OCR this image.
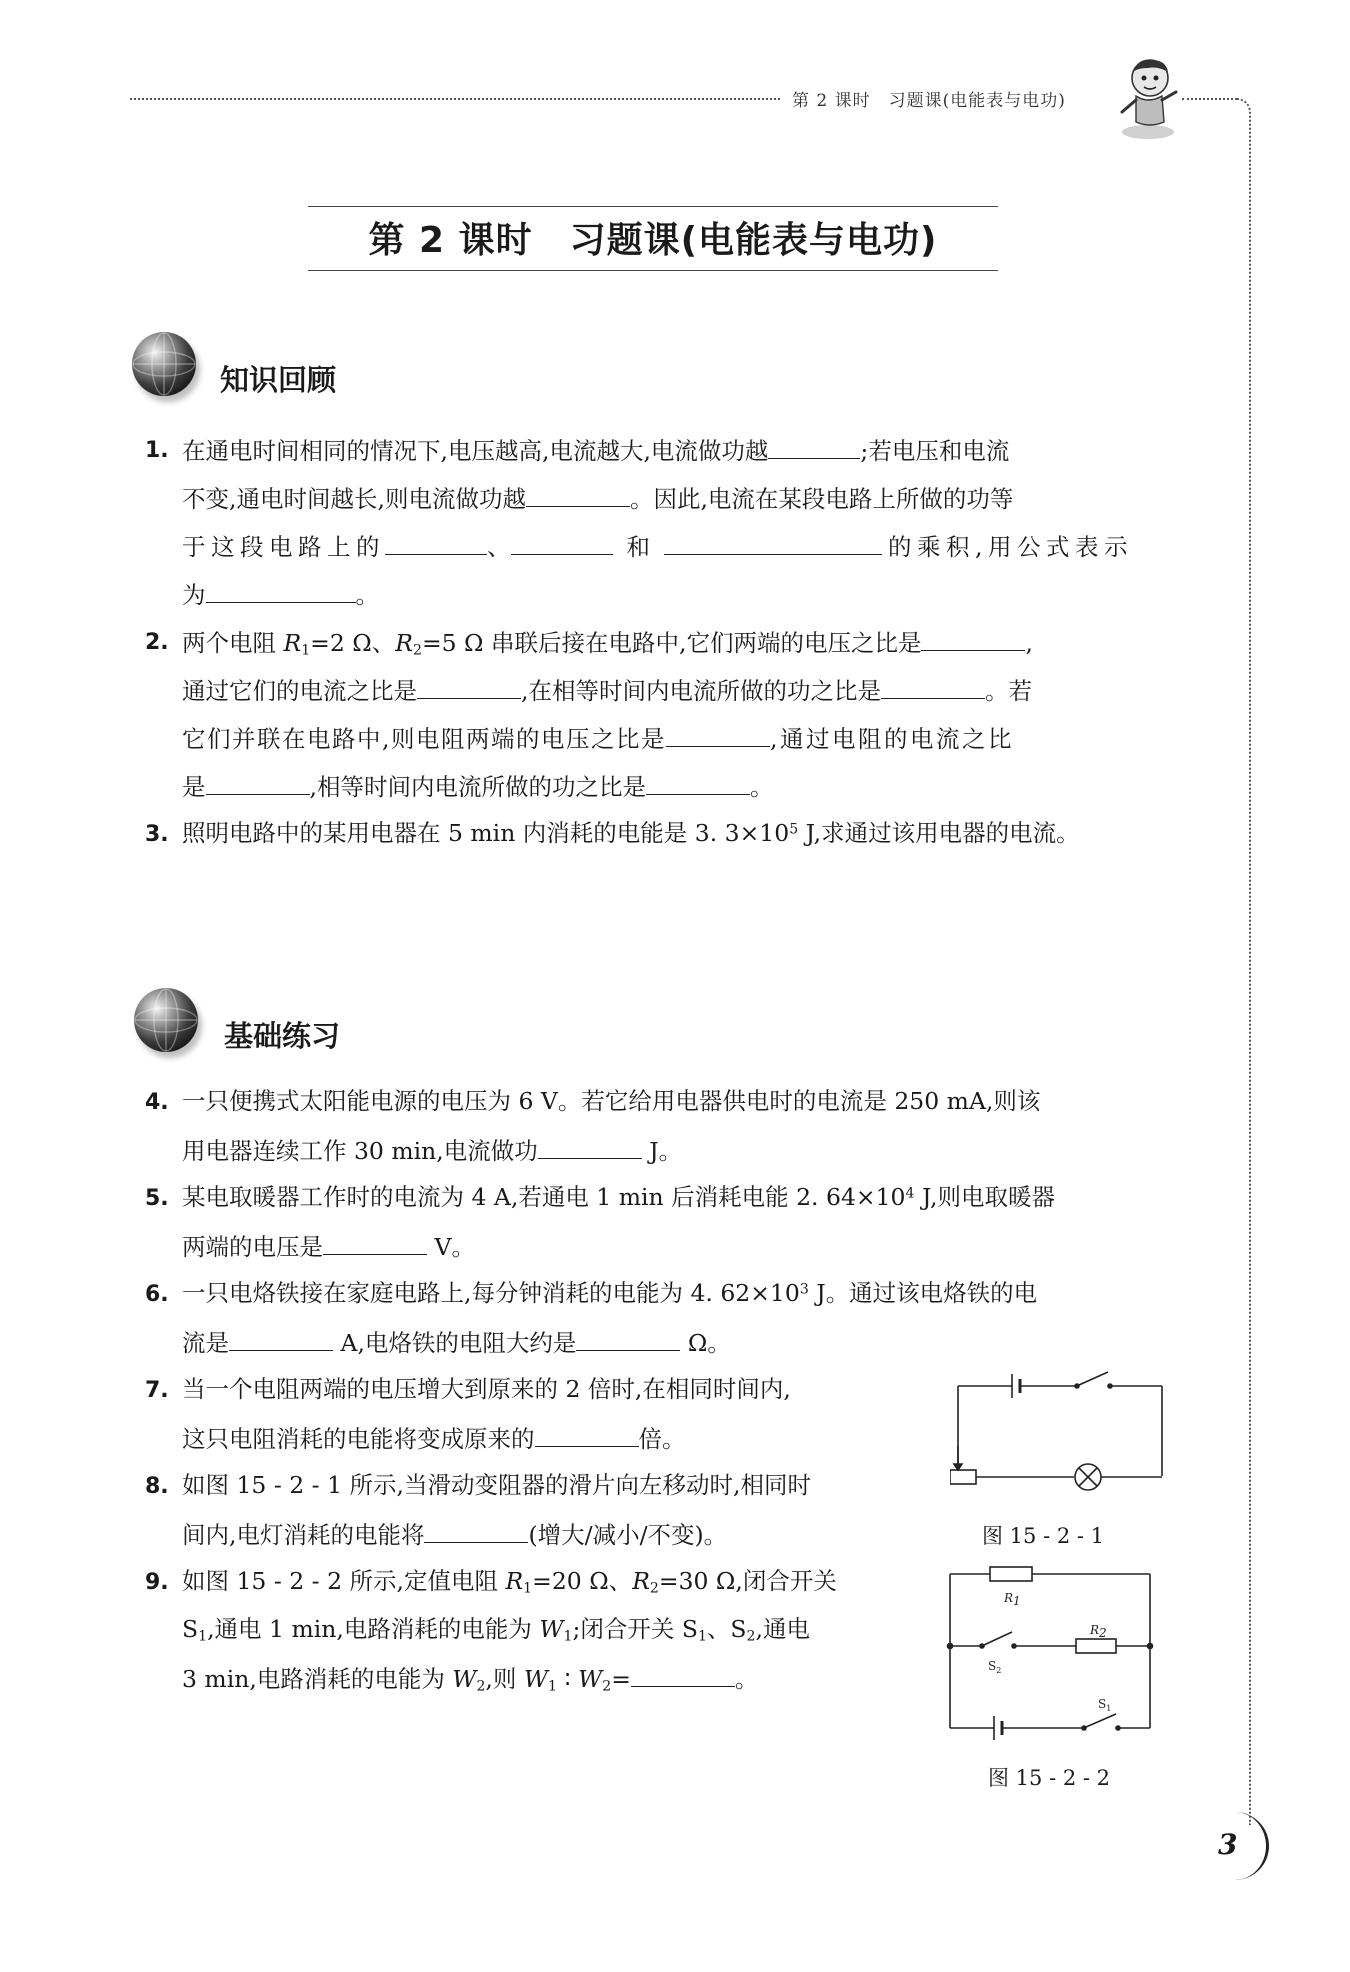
第 2 课时　习题课(电能表与电功)
第 2 课时　习题课(电能表与电功)
知识回顾
1. 在通电时间相同的情况下,电压越高,电流越大,电流做功越	;若电压和电流
不变,通电时间越长,则电流做功越	。因此,电流在某段电路上所做的功等
于这段电路上的	、	和	的乘积,用公式表示
为	。
2. 两个电阻 $R_1=2$ Ω、$R_2=5$ Ω 串联后接在电路中,它们两端的电压之比是	,
通过它们的电流之比是	,在相等时间内电流所做的功之比是	。若
它们并联在电路中,则电阻两端的电压之比是	,通过电阻的电流之比
是	,相等时间内电流所做的功之比是	。
3. 照明电路中的某用电器在 5 min 内消耗的电能是 3. $3\times 10^5$ J,求通过该用电器的电流。
基础练习
4. 一只便携式太阳能电源的电压为 6 V。若它给用电器供电时的电流是 250 mA,则该
用电器连续工作 30 min,电流做功	J。
5. 某电取暖器工作时的电流为 4 A,若通电 1 min 后消耗电能 2. $64\times 10^4$ J,则电取暖器
两端的电压是	V。
6. 一只电烙铁接在家庭电路上,每分钟消耗的电能为 4. $62\times 10^3$ J。通过该电烙铁的电
流是	A,电烙铁的电阻大约是	Ω。
7. 当一个电阻两端的电压增大到原来的 2 倍时,在相同时间内,
这只电阻消耗的电能将变成原来的	倍。
8. 如图 15 - 2 - 1 所示,当滑动变阻器的滑片向左移动时,相同时
间内,电灯消耗的电能将	(增大/减小/不变)。
9. 如图 15 - 2 - 2 所示,定值电阻 $R_1=20$ Ω、$R_2=30$ Ω,闭合开关
$S_1$,通电 1 min,电路消耗的电能为 $W_1$;闭合开关 $S_1$、$S_2$,通电
3 min,电路消耗的电能为 $W_2$,则 $W_1$ ∶ $W_2=$	。
图 15 - 2 - 1
R1
R2
$S_2$
$S_1$
图 15 - 2 - 2
3
